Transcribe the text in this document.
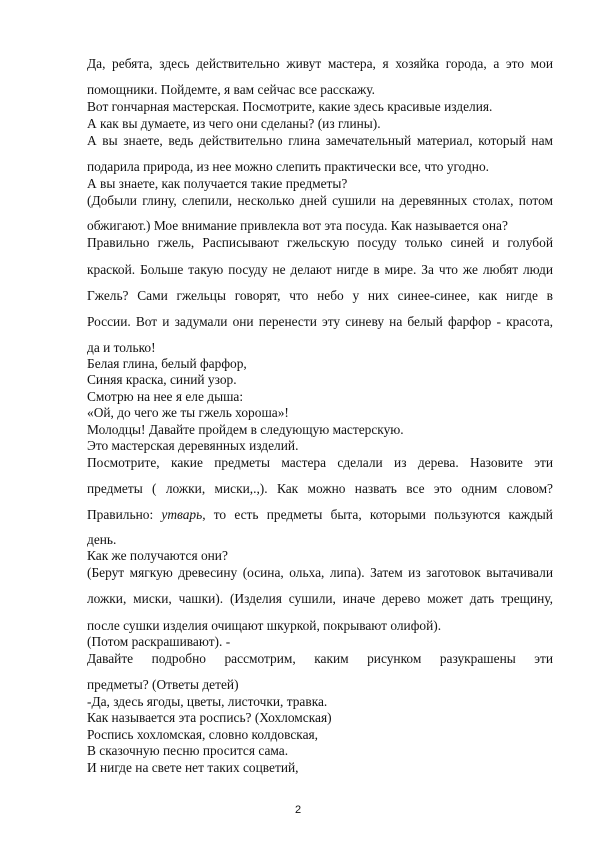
Да, ребята, здесь действительно живут мастера, я хозяйка города, а это мои

помощники. Пойдемте, я вам сейчас все расскажу.

Вот гончарная мастерская. Посмотрите, какие здесь красивые изделия.

А как вы думаете, из чего они сделаны? (из глины).

А вы знаете, ведь действительно глина замечательный материал, который нам

подарила природа, из нее можно слепить практически все, что угодно.

А вы знаете, как получается такие предметы?

(Добыли глину, слепили, несколько дней сушили на деревянных столах, потом

обжигают.) Мое внимание привлекла вот эта посуда. Как называется она?

Правильно гжель, Расписывают гжельскую посуду только синей и голубой

краской. Больше такую посуду не делают нигде в мире. За что же любят люди

Гжель? Сами гжельцы говорят, что небо у них синее-синее, как нигде в

России. Вот и задумали они перенести эту синеву на белый фарфор - красота,

да и только!

Белая глина, белый фарфор,

Синяя краска, синий узор.

Смотрю на нее я еле дыша:

«Ой, до чего же ты гжель хороша»!

Молодцы! Давайте пройдем в следующую мастерскую.

Это мастерская деревянных изделий.

Посмотрите, какие предметы мастера сделали из дерева. Назовите эти

предметы ( ложки, миски,.,). Как можно назвать все это одним словом?

Правильно: утварь, то есть предметы быта, которыми пользуются каждый

день.

Как же получаются они?

(Берут мягкую древесину (осина, ольха, липа). Затем из заготовок вытачивали

ложки, миски, чашки). (Изделия сушили, иначе дерево может дать трещину,

после сушки изделия очищают шкуркой, покрывают олифой).

(Потом раскрашивают). -

Давайте подробно рассмотрим, каким рисунком разукрашены эти

предметы? (Ответы детей)

-Да, здесь ягоды, цветы, листочки, травка.

Как называется эта роспись? (Хохломская)

Роспись хохломская, словно колдовская,

В сказочную песню просится сама.

И нигде на свете нет таких соцветий,

2
